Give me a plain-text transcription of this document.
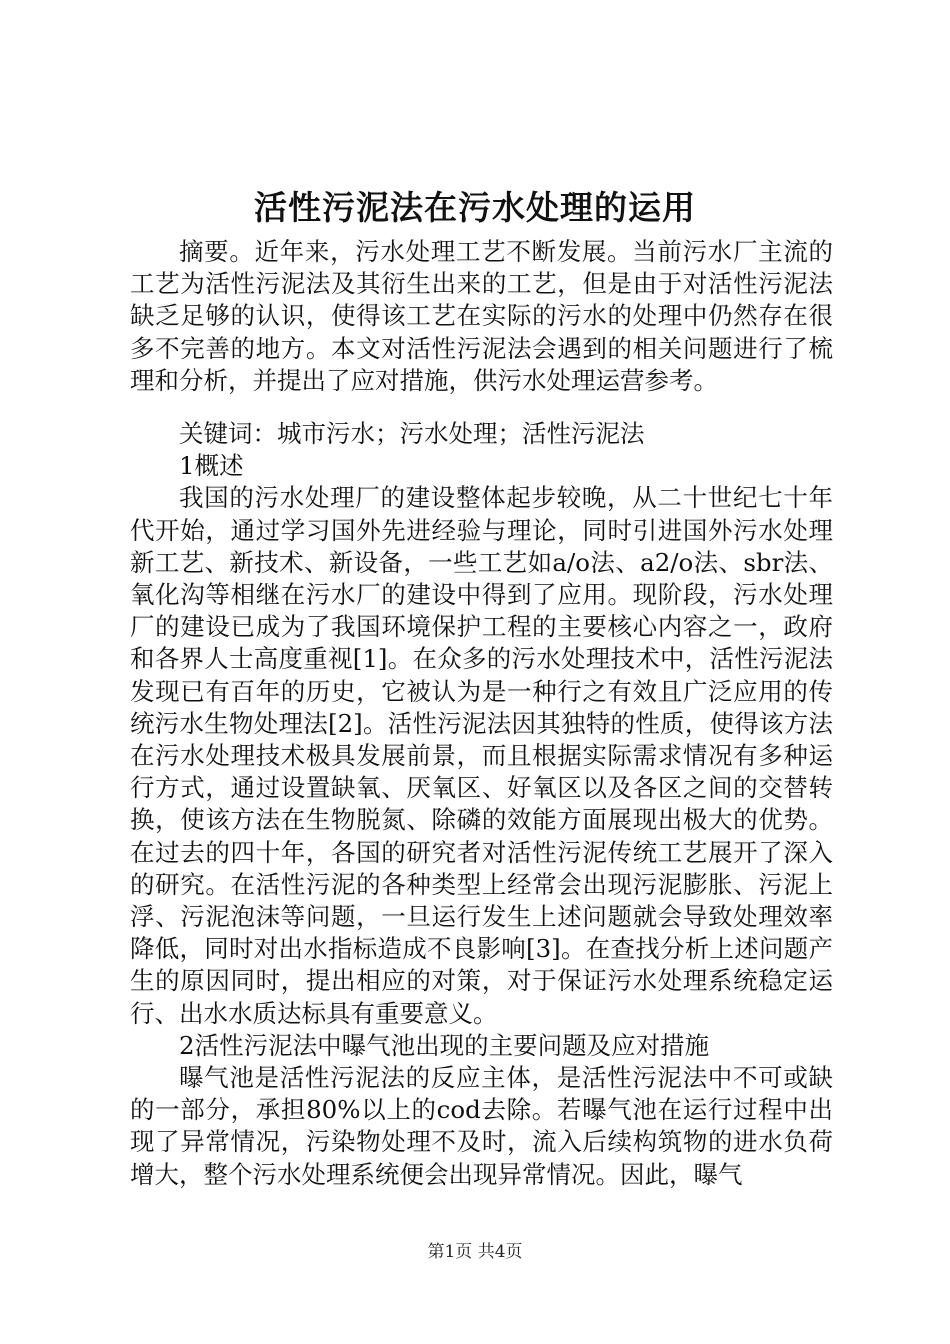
活性污泥法在污水处理的运用

摘要。近年来，污水处理工艺不断发展。当前污水厂主流的工艺为活性污泥法及其衍生出来的工艺，但是由于对活性污泥法缺乏足够的认识，使得该工艺在实际的污水的处理中仍然存在很多不完善的地方。本文对活性污泥法会遇到的相关问题进行了梳理和分析，并提出了应对措施，供污水处理运营参考。

关键词：城市污水；污水处理；活性污泥法

1概述

我国的污水处理厂的建设整体起步较晚，从二十世纪七十年代开始，通过学习国外先进经验与理论，同时引进国外污水处理新工艺、新技术、新设备，一些工艺如a/o法、a2/o法、sbr法、氧化沟等相继在污水厂的建设中得到了应用。现阶段，污水处理厂的建设已成为了我国环境保护工程的主要核心内容之一，政府和各界人士高度重视[1]。在众多的污水处理技术中，活性污泥法发现已有百年的历史，它被认为是一种行之有效且广泛应用的传统污水生物处理法[2]。活性污泥法因其独特的性质，使得该方法在污水处理技术极具发展前景，而且根据实际需求情况有多种运行方式，通过设置缺氧、厌氧区、好氧区以及各区之间的交替转换，使该方法在生物脱氮、除磷的效能方面展现出极大的优势。在过去的四十年，各国的研究者对活性污泥传统工艺展开了深入的研究。在活性污泥的各种类型上经常会出现污泥膨胀、污泥上浮、污泥泡沫等问题，一旦运行发生上述问题就会导致处理效率降低，同时对出水指标造成不良影响[3]。在查找分析上述问题产生的原因同时，提出相应的对策，对于保证污水处理系统稳定运行、出水水质达标具有重要意义。

2活性污泥法中曝气池出现的主要问题及应对措施

曝气池是活性污泥法的反应主体，是活性污泥法中不可或缺的一部分，承担80%以上的cod去除。若曝气池在运行过程中出现了异常情况，污染物处理不及时，流入后续构筑物的进水负荷增大，整个污水处理系统便会出现异常情况。因此，曝气

第1页 共4页
